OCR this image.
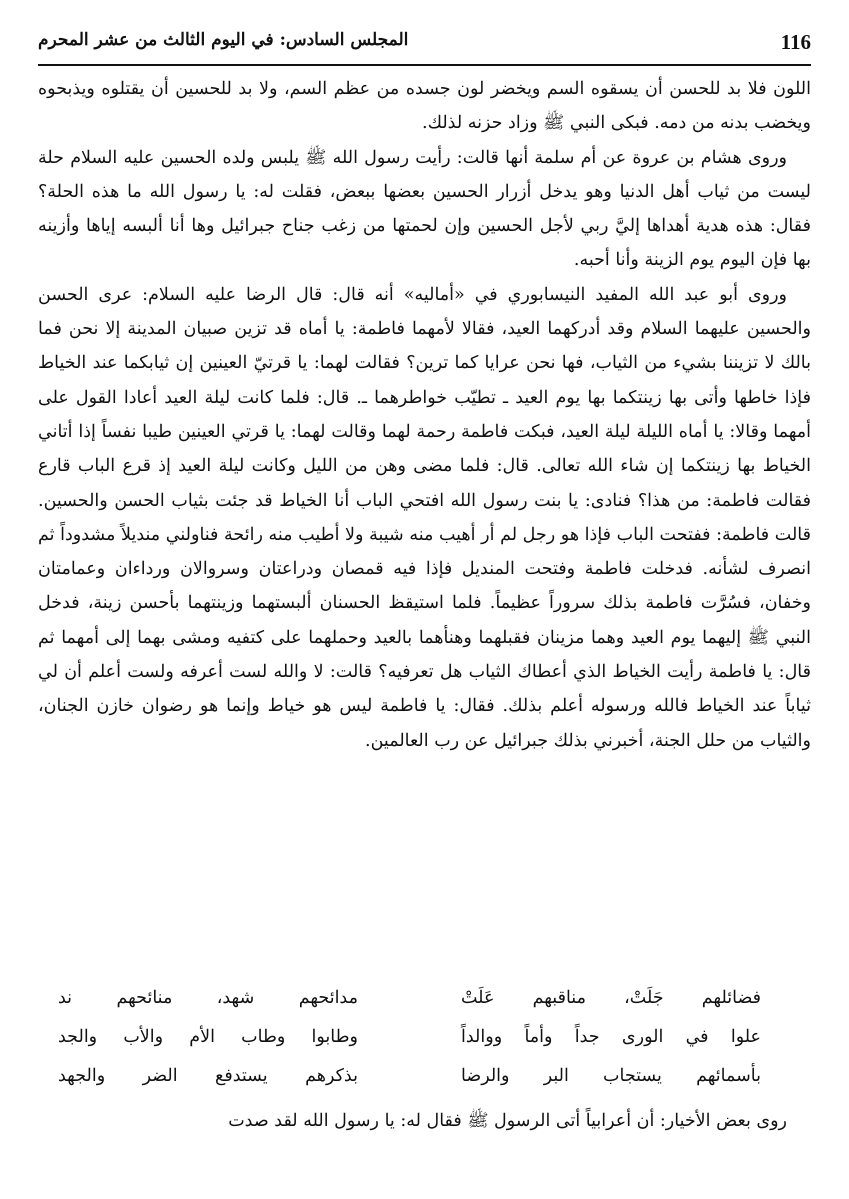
116
المجلس السادس: في اليوم الثالث من عشر المحرم

اللون فلا بد للحسن أن يسقوه السم ويخضر لون جسده من عظم السم، ولا بد للحسين أن يقتلوه ويذبحوه ويخضب بدنه من دمه. فبكى النبي ﷺ وزاد حزنه لذلك.

وروى هشام بن عروة عن أم سلمة أنها قالت: رأيت رسول الله ﷺ يلبس ولده الحسين عليه السلام حلة ليست من ثياب أهل الدنيا وهو يدخل أزرار الحسين بعضها ببعض، فقلت له: يا رسول الله ما هذه الحلة؟ فقال: هذه هدية أهداها إليَّ ربي لأجل الحسين وإن لحمتها من زغب جناح جبرائيل وها أنا ألبسه إياها وأزينه بها فإن اليوم يوم الزينة وأنا أحبه.

وروى أبو عبد الله المفيد النيسابوري في «أماليه» أنه قال: قال الرضا عليه السلام: عرى الحسن والحسين عليهما السلام وقد أدركهما العيد، فقالا لأمهما فاطمة: يا أماه قد تزين صبيان المدينة إلا نحن فما بالك لا تزيننا بشيء من الثياب، فها نحن عرايا كما ترين؟ فقالت لهما: يا قرتيّ العينين إن ثيابكما عند الخياط فإذا خاطها وأتى بها زينتكما بها يوم العيد ـ تطيّب خواطرهما ـ. قال: فلما كانت ليلة العيد أعادا القول على أمهما وقالا: يا أماه الليلة ليلة العيد، فبكت فاطمة رحمة لهما وقالت لهما: يا قرتي العينين طيبا نفساً إذا أتاني الخياط بها زينتكما إن شاء الله تعالى. قال: فلما مضى وهن من الليل وكانت ليلة العيد إذ قرع الباب قارع فقالت فاطمة: من هذا؟ فنادى: يا بنت رسول الله افتحي الباب أنا الخياط قد جئت بثياب الحسن والحسين. قالت فاطمة: ففتحت الباب فإذا هو رجل لم أر أهيب منه شيبة ولا أطيب منه رائحة فناولني منديلاً مشدوداً ثم انصرف لشأنه. فدخلت فاطمة وفتحت المنديل فإذا فيه قمصان ودراعتان وسروالان ورداءان وعمامتان وخفان، فسُرَّت فاطمة بذلك سروراً عظيماً. فلما استيقظ الحسنان ألبستهما وزينتهما بأحسن زينة، فدخل النبي ﷺ إليهما يوم العيد وهما مزينان فقبلهما وهنأهما بالعيد وحملهما على كتفيه ومشى بهما إلى أمهما ثم قال: يا فاطمة رأيت الخياط الذي أعطاك الثياب هل تعرفيه؟ قالت: لا والله لست أعرفه ولست أعلم أن لي ثياباً عند الخياط فالله ورسوله أعلم بذلك. فقال: يا فاطمة ليس هو خياط وإنما هو رضوان خازن الجنان، والثياب من حلل الجنة، أخبرني بذلك جبرائيل عن رب العالمين.

فضائلهم جَلَتْ، مناقبهم عَلَتْ
مدائحهم شهد، منائحهم ند
علوا في الورى جداً وأماً ووالداً
وطابوا وطاب الأم والأب والجد
بأسمائهم يستجاب البر والرضا
بذكرهم يستدفع الضر والجهد
روى بعض الأخيار: أن أعرابياً أتى الرسول ﷺ فقال له: يا رسول الله لقد صدت
